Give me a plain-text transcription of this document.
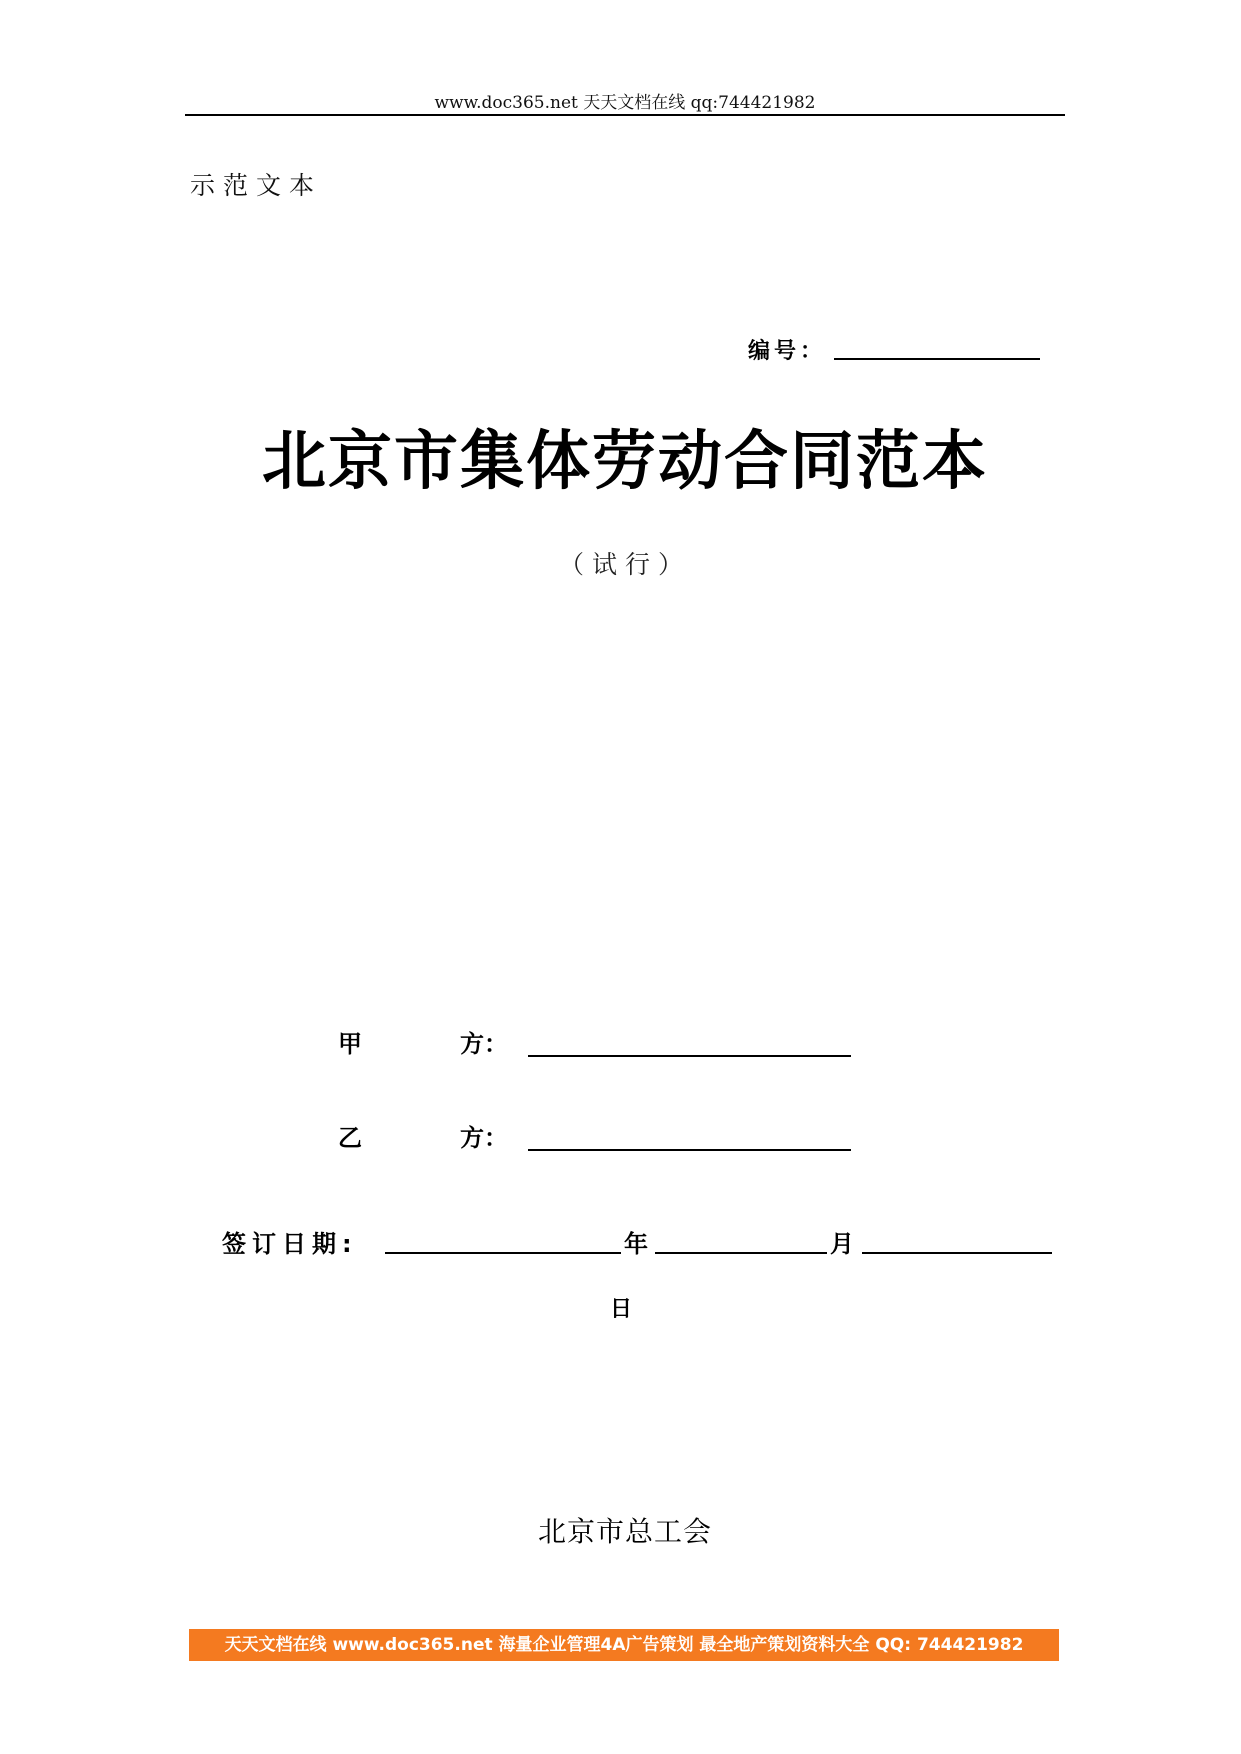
www.doc365.net 天天文档在线 qq:744421982
示范文本
编号：
北京市集体劳动合同范本
（试行）
甲	方：
乙	方：
签订日期:	年	月
日
北京市总工会
天天文档在线 www.doc365.net 海量企业管理4A广告策划 最全地产策划资料大全 QQ: 744421982
